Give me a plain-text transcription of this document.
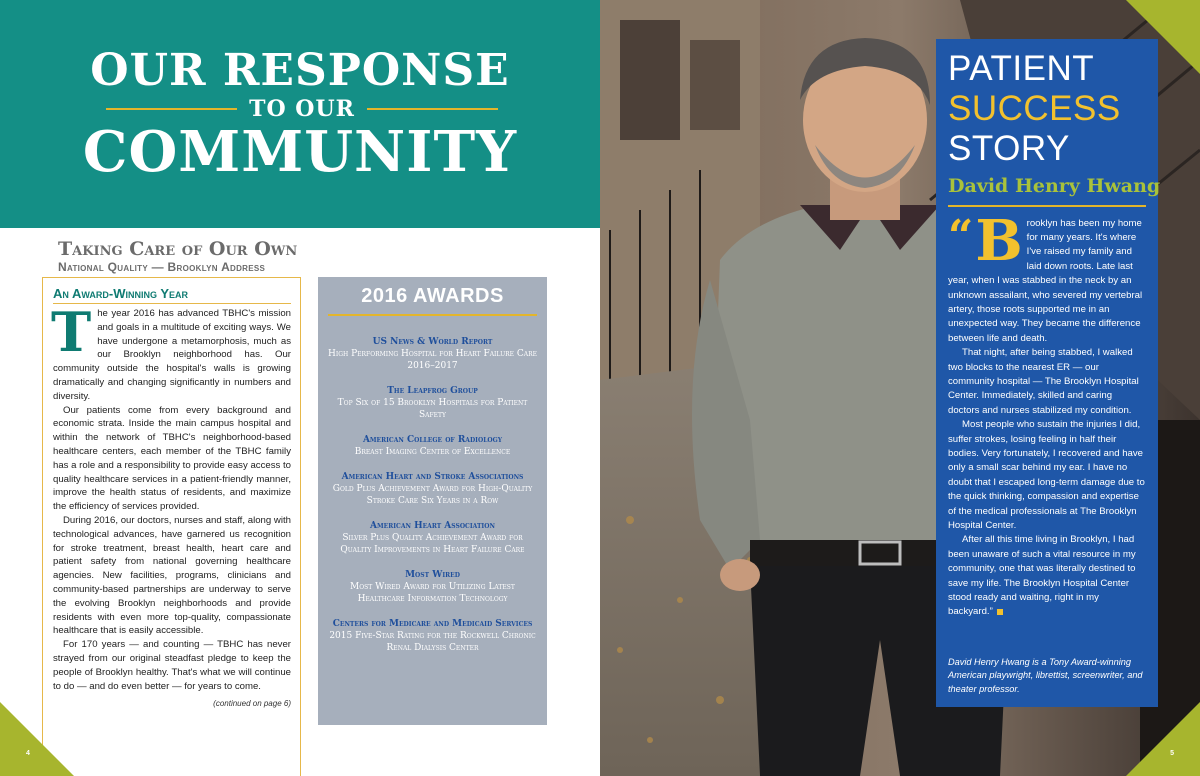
OUR RESPONSE
TO OUR
COMMUNITY
Taking Care of Our Own
National Quality — Brooklyn Address
An Award-Winning Year

The year 2016 has advanced TBHC's mission and goals in a multitude of exciting ways. We have undergone a metamorphosis, much as our Brooklyn neighborhood has. Our community outside the hospital's walls is growing dramatically and changing significantly in numbers and diversity.

Our patients come from every background and economic strata. Inside the main campus hospital and within the network of TBHC's neighborhood-based healthcare centers, each member of the TBHC family has a role and a responsibility to provide easy access to quality healthcare services in a patient-friendly manner, improve the health status of residents, and maximize the efficiency of services provided.

During 2016, our doctors, nurses and staff, along with technological advances, have garnered us recognition for stroke treatment, breast health, heart care and patient safety from national governing healthcare agencies. New facilities, programs, clinicians and community-based partnerships are underway to serve the evolving Brooklyn neighborhoods and provide residents with even more top-quality, compassionate healthcare that is easily accessible.

For 170 years — and counting — TBHC has never strayed from our original steadfast pledge to keep the people of Brooklyn healthy. That's what we will continue to do — and do even better — for years to come.

(continued on page 6)
2016 AWARDS
US News & World Report
High Performing Hospital for Heart Failure Care 2016–2017
The Leapfrog Group
Top Six of 15 Brooklyn Hospitals for Patient Safety
American College of Radiology
Breast Imaging Center of Excellence
American Heart and Stroke Associations
Gold Plus Achievement Award for High-Quality Stroke Care Six Years in a Row
American Heart Association
Silver Plus Quality Achievement Award for Quality Improvements in Heart Failure Care
Most Wired
Most Wired Award for Utilizing Latest Healthcare Information Technology
Centers for Medicare and Medicaid Services
2015 Five-Star Rating for the Rockwell Chronic Renal Dialysis Center
4	5
PATIENT
SUCCESS
STORY
David Henry Hwang

“ B rooklyn has been my home for many years. It's where I've raised my family and laid down roots. Late last year, when I was stabbed in the neck by an unknown assailant, who severed my vertebral artery, those roots supported me in an unexpected way. They became the difference between life and death.

That night, after being stabbed, I walked two blocks to the nearest ER — our community hospital — The Brooklyn Hospital Center. Immediately, skilled and caring doctors and nurses stabilized my condition.

Most people who sustain the injuries I did, suffer strokes, losing feeling in half their bodies. Very fortunately, I recovered and have only a small scar behind my ear. I have no doubt that I escaped long-term damage due to the quick thinking, compassion and expertise of the medical professionals at The Brooklyn Hospital Center.

After all this time living in Brooklyn, I had been unaware of such a vital resource in my community, one that was literally destined to save my life. The Brooklyn Hospital Center stood ready and waiting, right in my backyard.”

David Henry Hwang is a Tony Award-winning American playwright, librettist, screenwriter, and theater professor.
